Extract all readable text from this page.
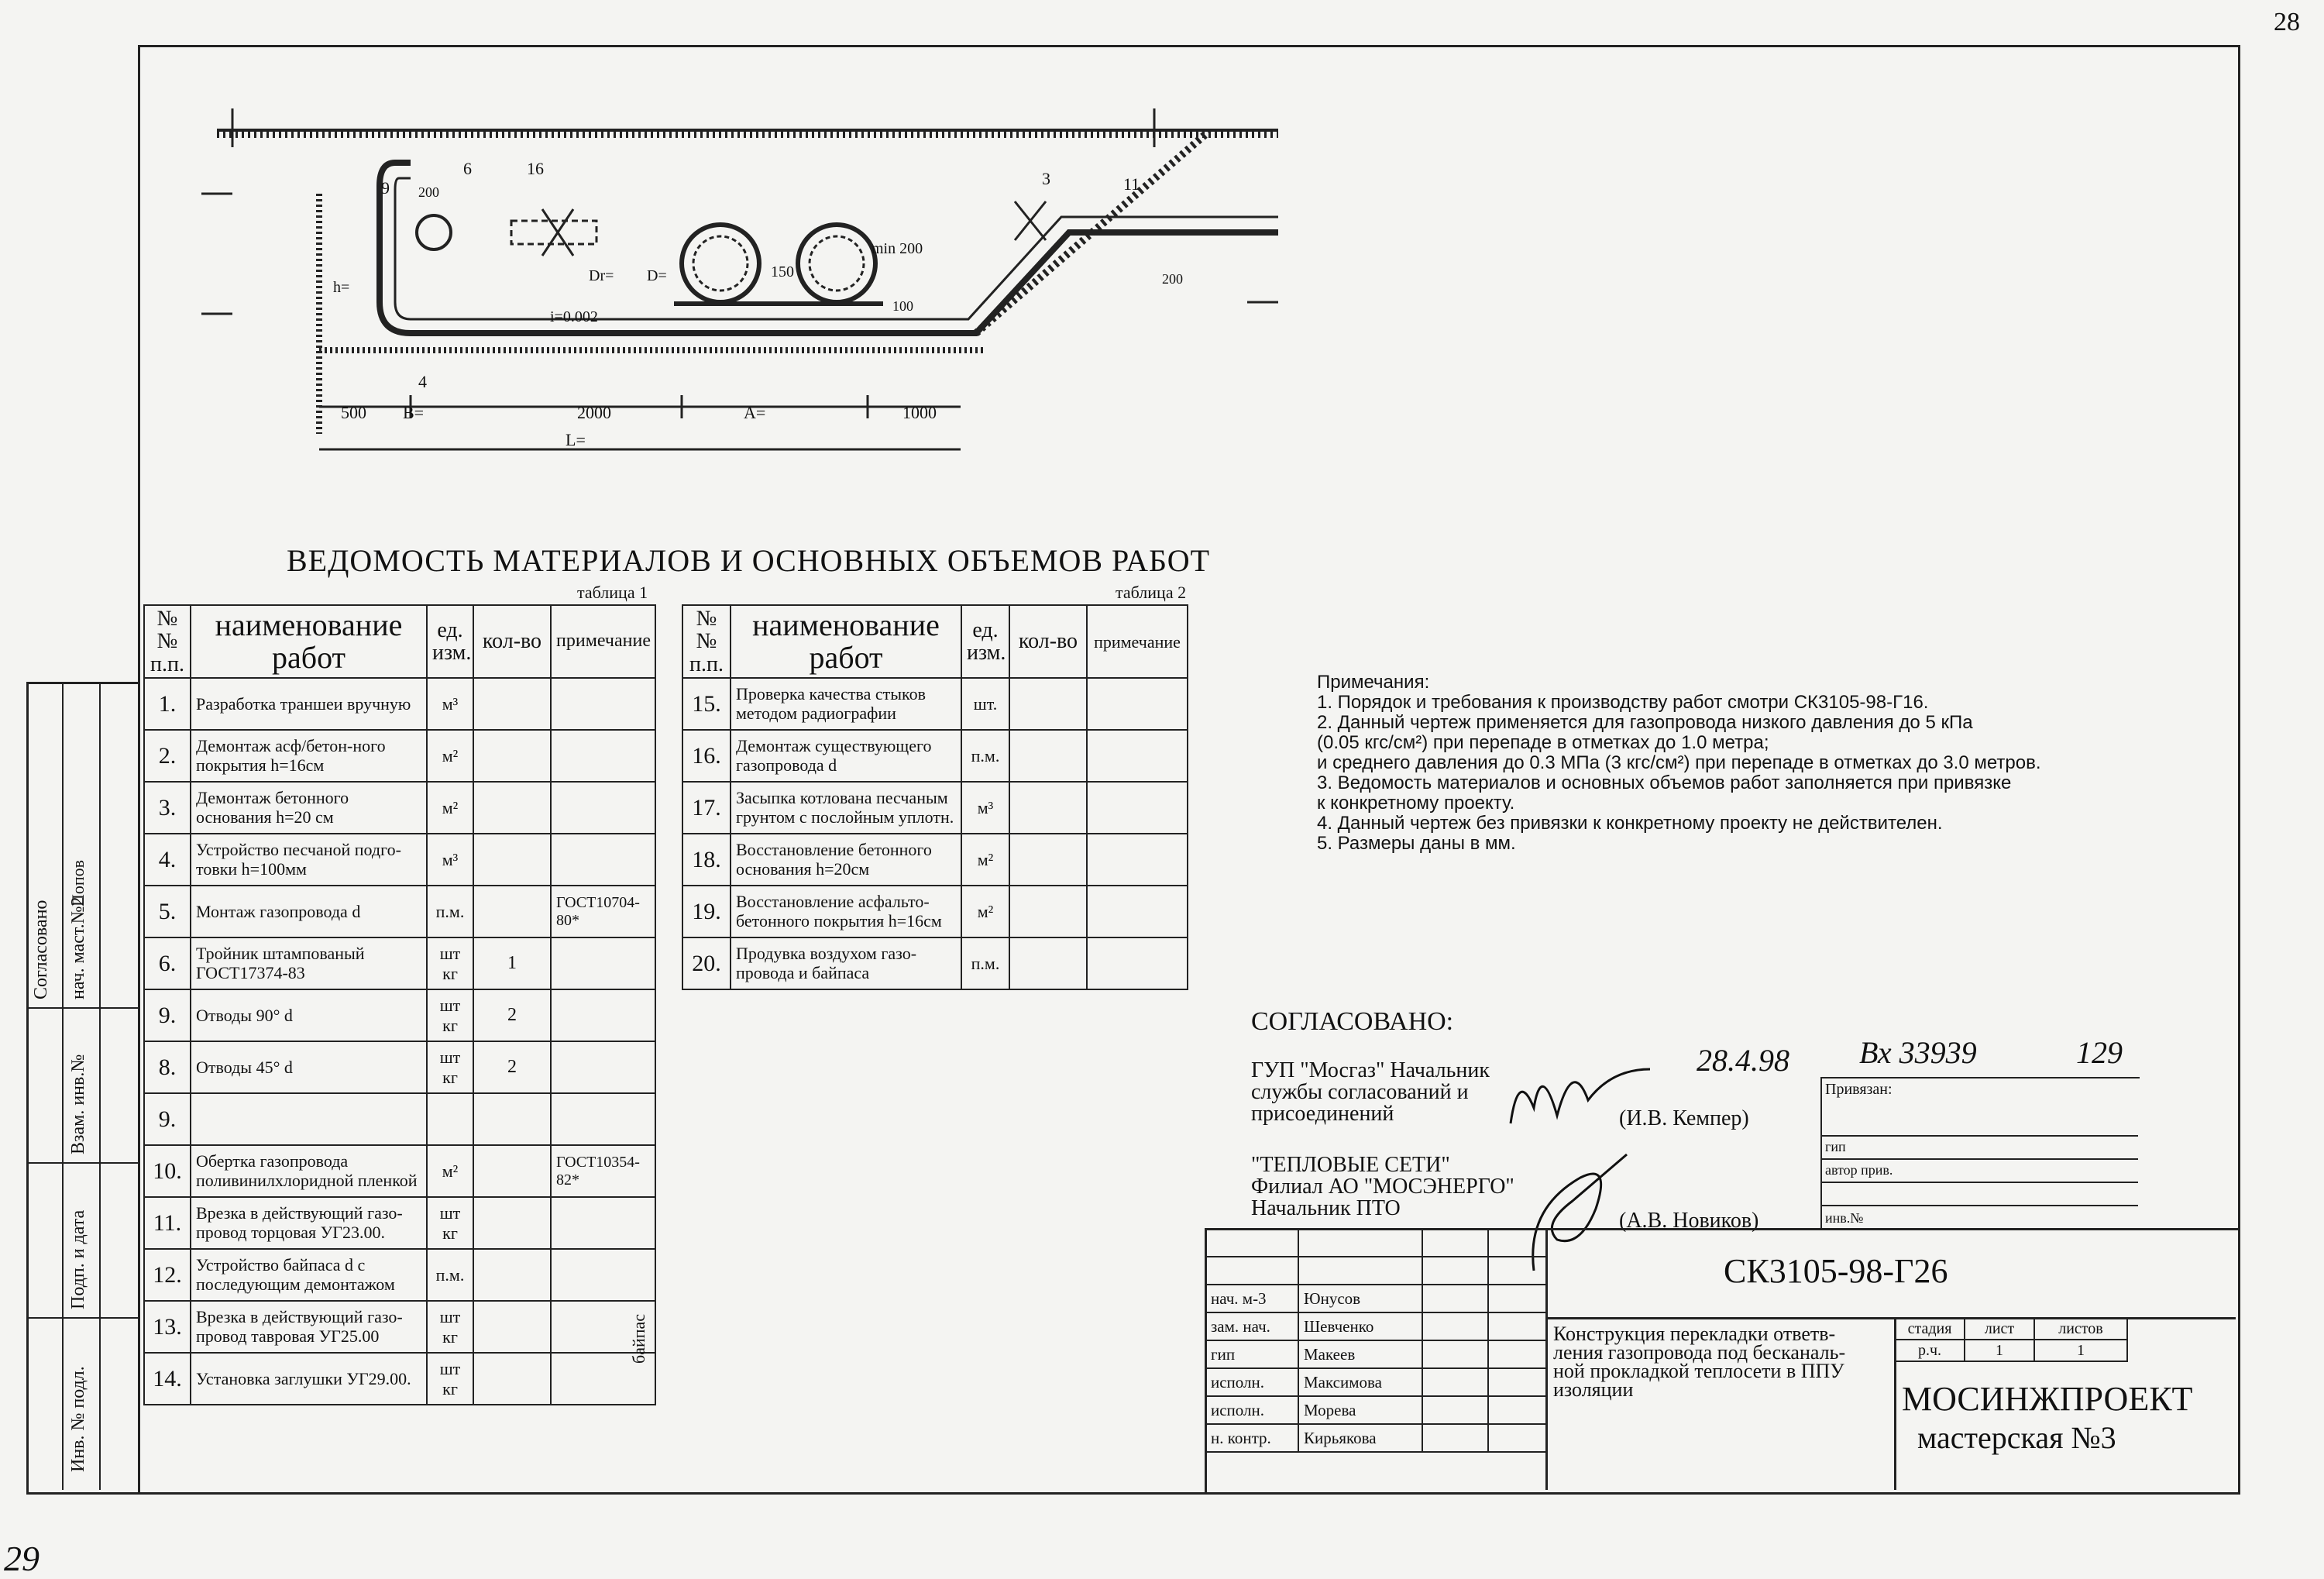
28
29
Согласовано нач. маст.№2
Попов
Взам. инв.№
Подп. и дата
Инв. № подл.
9 200
6	16
4
3	11
h=
Dr= D=
i=0.002
150
min 200
100
200
500 B=	2000	A=	1000
L=
ВЕДОМОСТЬ МАТЕРИАЛОВ И ОСНОВНЫХ ОБЪЕМОВ РАБОТ
таблица 1	таблица 2
№№ п.п.	наименование работ	ед. изм.	кол-во	примечание
1.	Разработка траншеи вручную	м³		
2.	Демонтаж асф/бетон-ного покрытия h=16см	м²		
3.	Демонтаж бетонного основания h=20 см	м²		
4.	Устройство песчаной подго-товки h=100мм	м³		
5.	Монтаж газопровода d	п.м.		ГОСТ10704-80*
6.	Тройник штампованый ГОСТ17374-83	шт кг	1	
9.	Отводы 90° d	шт кг	2	
8.	Отводы 45° d	шт кг	2	
9.				
10.	Обертка газопровода поливинилхлоридной пленкой	м²		ГОСТ10354-82*
11.	Врезка в действующий газо-провод торцовая УГ23.00.	шт кг		
12.	Устройство байпаса d с последующим демонтажом	п.м.		
13.	Врезка в действующий газо-провод тавровая УГ25.00	шт кг		
14.	Установка заглушки УГ29.00.	шт кг		
байпас
№№ п.п.	наименование работ	ед. изм.	кол-во	примечание
15.	Проверка качества стыков методом радиографии	шт.		
16.	Демонтаж существующего газопровода d	п.м.		
17.	Засыпка котлована песчаным грунтом с послойным уплотн.	м³		
18.	Восстановление бетонного основания h=20см	м²		
19.	Восстановление асфальто-бетонного покрытия h=16см	м²		
20.	Продувка воздухом газо-провода и байпаса	п.м.		
Примечания:
1. Порядок и требования к производству работ смотри СК3105-98-Г16.
2. Данный чертеж применяется для газопровода низкого давления до 5 кПа
(0.05 кгс/см²) при перепаде в отметках до 1.0 метра;
и среднего давления до 0.3 МПа (3 кгс/см²) при перепаде в отметках до 3.0 метров.
3. Ведомость материалов и основных объемов работ заполняется при привязке
к конкретному проекту.
4. Данный чертеж без привязки к конкретному проекту не действителен.
5. Размеры даны в мм.
СОГЛАСОВАНО:
ГУП "Мосгаз" Начальник
службы согласований и
присоединений	(И.В. Кемпер)
"ТЕПЛОВЫЕ СЕТИ"
Филиал АО "МОСЭНЕРГО"
Начальник ПТО
(А.В. Новиков)
28.4.98 Вх 33939	129
Привязан:
гип
автор прив.
инв.№

нач. м-3	Юнусов		
зам. нач.	Шевченко		
гип	Макеев		
исполн.	Максимова		
исполн.	Морева		
н. контр.	Кирьякова		
СК3105-98-Г26
Конструкция перекладки ответв-
ления газопровода под бесканаль-
ной прокладкой теплосети в ППУ
изоляции
стадия	лист	листов
р.ч.	1	1
МОСИНЖПРОЕКТ
мастерская №3
